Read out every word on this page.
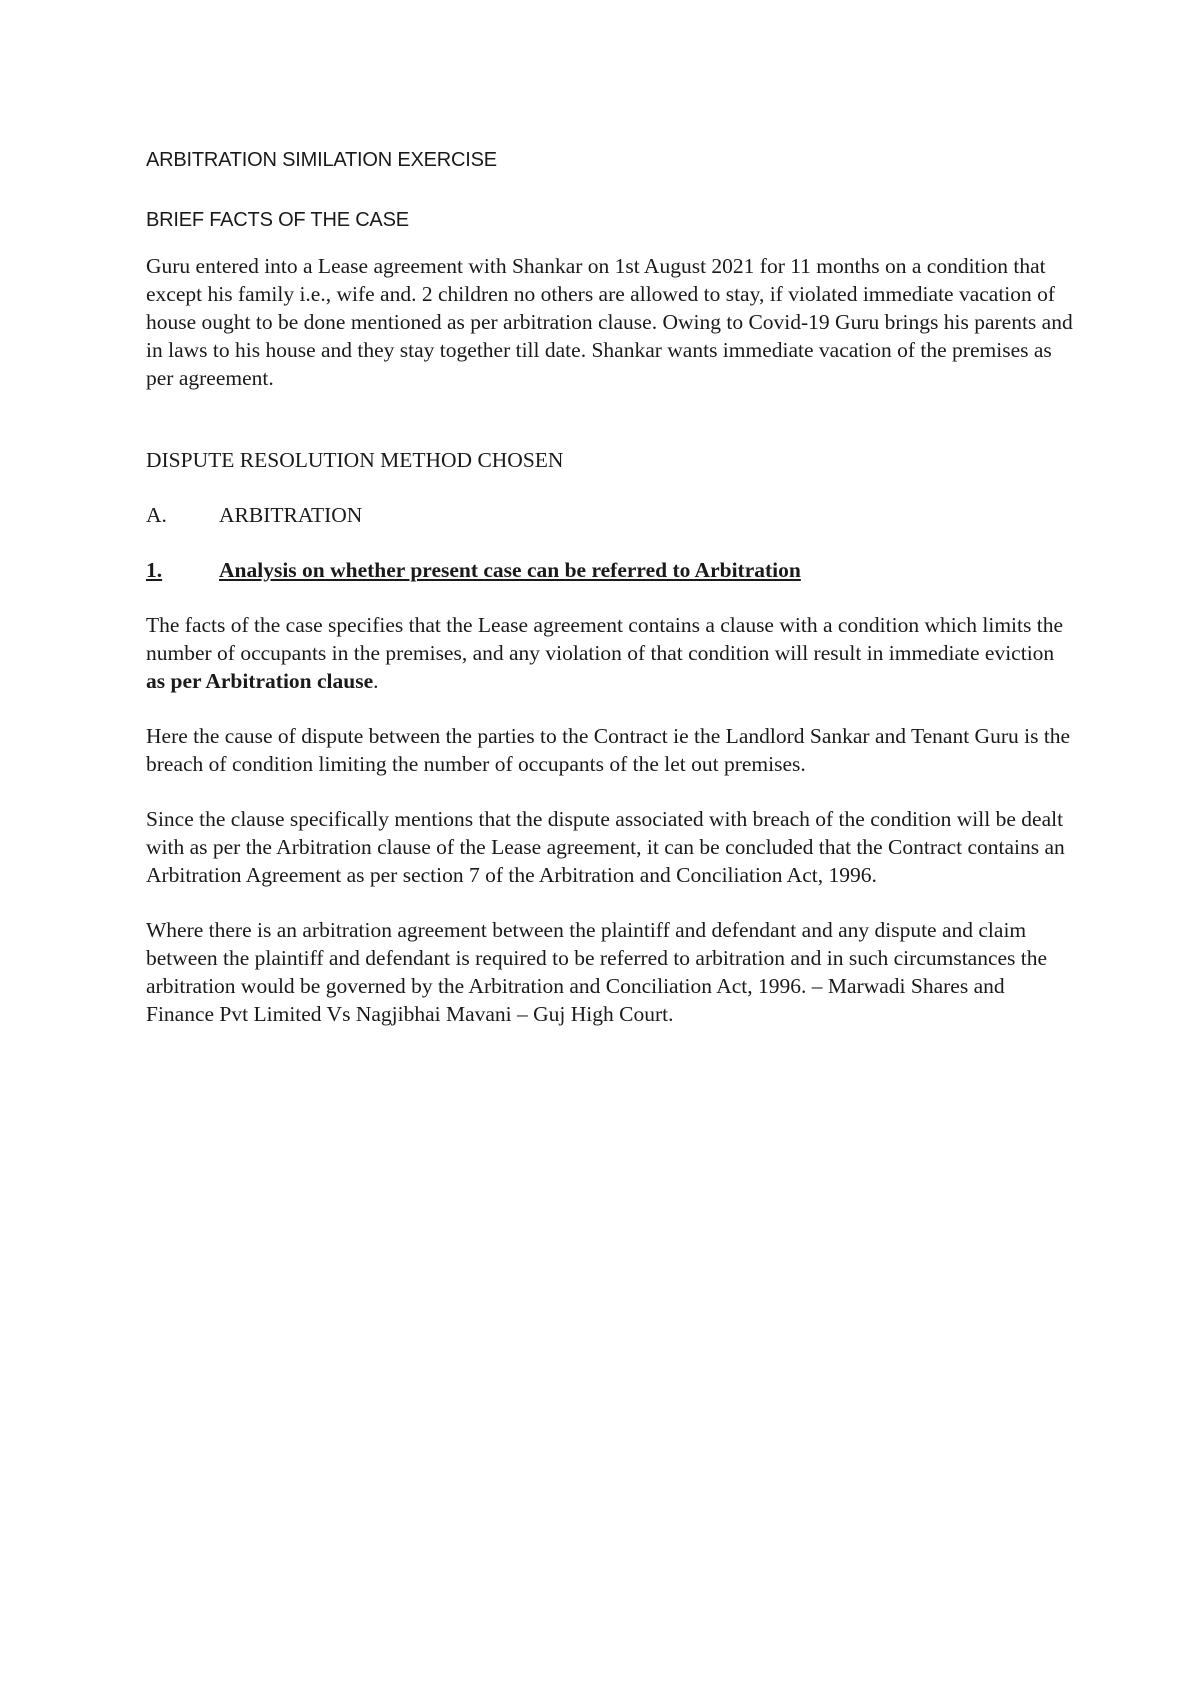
ARBITRATION SIMILATION EXERCISE

BRIEF FACTS OF THE CASE

Guru entered into a Lease agreement with Shankar on 1st August 2021 for 11 months on a condition that except his family i.e., wife and. 2 children no others are allowed to stay, if violated immediate vacation of house ought to be done mentioned as per arbitration clause. Owing to Covid-19 Guru brings his parents and in laws to his house and they stay together till date. Shankar wants immediate vacation of the premises as per agreement.

DISPUTE RESOLUTION METHOD CHOSEN

A.	ARBITRATION

1.	Analysis on whether present case can be referred to Arbitration

The facts of the case specifies that the Lease agreement contains a clause with a condition which limits the number of occupants in the premises, and any violation of that condition will result in immediate eviction as per Arbitration clause.

Here the cause of dispute between the parties to the Contract ie the Landlord Sankar and Tenant Guru is the breach of condition limiting the number of occupants of the let out premises.

Since the clause specifically mentions that the dispute associated with breach of the condition will be dealt with as per the Arbitration clause of the Lease agreement, it can be concluded that the Contract contains an Arbitration Agreement as per section 7 of the Arbitration and Conciliation Act, 1996.

Where there is an arbitration agreement between the plaintiff and defendant and any dispute and claim between the plaintiff and defendant is required to be referred to arbitration and in such circumstances the arbitration would be governed by the Arbitration and Conciliation Act, 1996. – Marwadi Shares and Finance Pvt Limited Vs Nagjibhai Mavani – Guj High Court.
